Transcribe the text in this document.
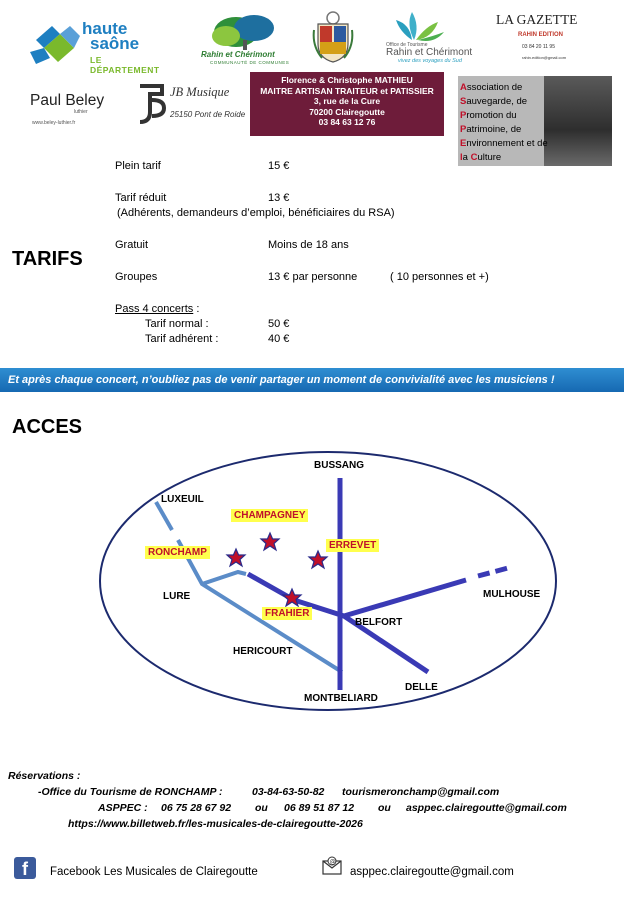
haute
saône
LE DÉPARTEMENT
Rahin et Chérimont
COMMUNAUTÉ DE COMMUNES
Office de Tourisme
Rahin et Chérimont
vivez des voyages du Sud
LA GAZETTE
RAHIN EDITION
03 84 20 11 95
rahin.edition@gmail.com
Paul Beley
luthier
www.beley-luthier.fr
JB Musique
25150 Pont de Roide
Florence & Christophe MATHIEU
MAITRE ARTISAN TRAITEUR et PATISSIER
3, rue de la Cure
70200 Clairegoutte
03 84 63 12 76
Association de
Sauvegarde, de
Promotion du
Patrimoine, de
Environnement et de
la Culture
TARIFS
Plein tarif	15 €
Tarif réduit	13 €
(Adhérents, demandeurs d’emploi, bénéficiaires du RSA)
Gratuit	Moins de 18 ans
Groupes	13 € par personne	( 10 personnes et +)
Pass 4 concerts :
Tarif normal :	50 €
Tarif adhérent :	40 €
Et après chaque concert, n’oubliez pas de venir partager un moment de convivialité avec les musiciens !
ACCES
BUSSANG
LUXEUIL
LURE	MULHOUSE
BELFORT
HERICOURT
MONTBELIARD
DELLE
CHAMPAGNEY
RONCHAMP
ERREVET
FRAHIER
Réservations :
-Office du Tourisme de RONCHAMP :	03-84-63-50-82 tourismeronchamp@gmail.com
ASPPEC : 06 75 28 67 92 ou 06 89 51 87 12 ou asppec.clairegoutte@gmail.com
https://www.billetweb.fr/les-musicales-de-clairegoutte-2026
f	Facebook Les Musicales de Clairegoutte
@
asppec.clairegoutte@gmail.com
